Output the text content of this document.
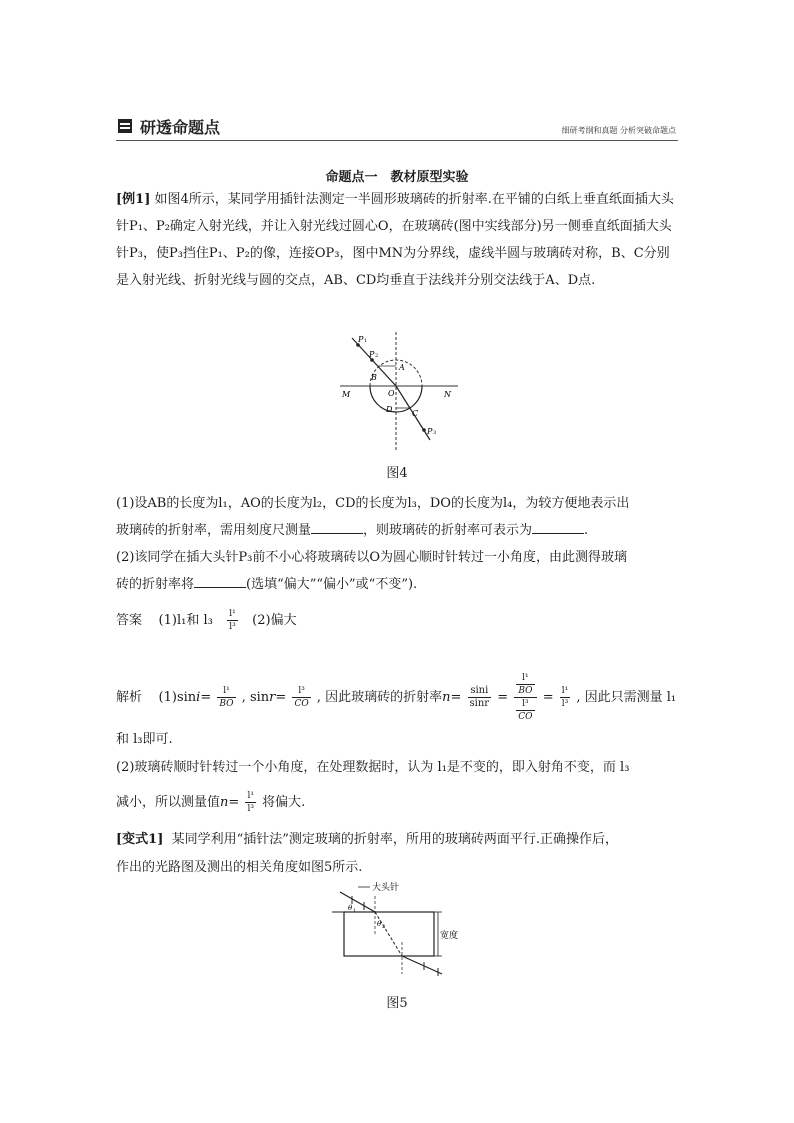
研透命题点	细研考纲和真题 分析突破命题点
命题点一　教材原型实验
[例1] 如图4所示，某同学用插针法测定一半圆形玻璃砖的折射率.在平铺的白纸上垂直纸面插大头针P₁、P₂确定入射光线，并让入射光线过圆心O，在玻璃砖(图中实线部分)另一侧垂直纸面插大头针P₃，使P₃挡住P₁、P₂的像，连接OP₃，图中MN为分界线，虚线半圆与玻璃砖对称，B、C分别是入射光线、折射光线与圆的交点，AB、CD均垂直于法线并分别交法线于A、D点.
P 1
P 2
P 3
A
B
C
D
O
M	N
图4
(1)设AB的长度为l₁，AO的长度为l₂，CD的长度为l₃，DO的长度为l₄，为较方便地表示出
玻璃砖的折射率，需用刻度尺测量	，则玻璃砖的折射率可表示为	.
(2)该同学在插大头针P₃前不小心将玻璃砖以O为圆心顺时针转过一小角度，由此测得玻璃
砖的折射率将	(选填“偏大”“偏小”或“不变”).
答案 (1)l₁和 $l_3 \frac{\text{l¹}}{\text{l³}} (2)$偏大
解析 $(1)\sin i= \frac{\text{l¹}}{BO}$ , $\sin r= \frac{\text{l³}}{CO}$ , 因此玻璃砖的折射率$n= \frac{\sin i}{\sin r} = \frac{\frac{\text{l¹}}{BO}}{\frac{\text{l³}}{CO}} = \frac{\text{l¹}}{\text{l³}}$ , 因此只需测量 l₁
和 l₃即可.
(2)玻璃砖顺时针转过一个小角度，在处理数据时，认为 l₁是不变的，即入射角不变，而 l₃
减小，所以测量值$n= \frac{\text{l¹}}{\text{l³}}$ 将偏大.
[变式1] 某同学利用“插针法”测定玻璃的折射率，所用的玻璃砖两面平行.正确操作后，
作出的光路图及测出的相关角度如图5所示.
大头针
宽度
θ 1
θ 2
图5
